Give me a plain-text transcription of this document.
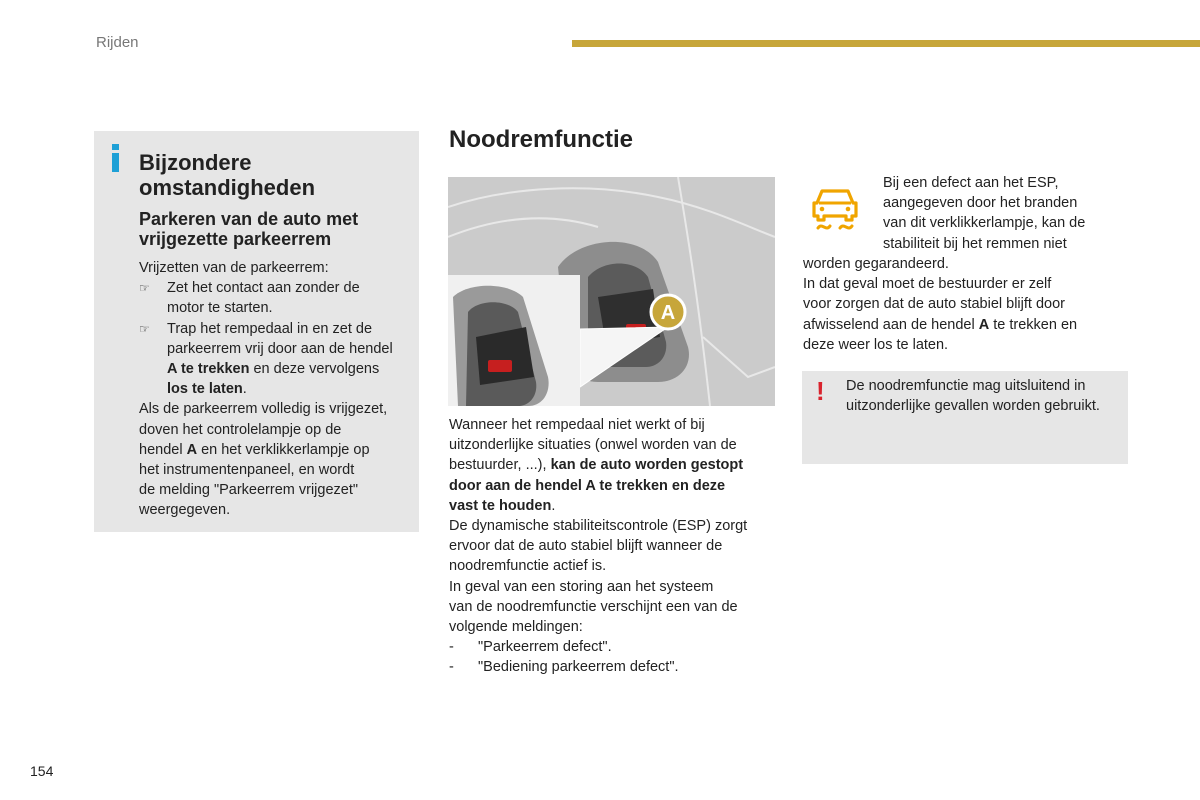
Rijden
Bijzondere
omstandigheden
Parkeren van de auto met
vrijgezette parkeerrem
Vrijzetten van de parkeerrem:
☞ Zet het contact aan zonder de
motor te starten.
☞ Trap het rempedaal in en zet de
parkeerrem vrij door aan de hendel
A te trekken en deze vervolgens
los te laten.
Als de parkeerrem volledig is vrijgezet,
doven het controlelampje op de
hendel A en het verklikkerlampje op
het instrumentenpaneel, en wordt
de melding "Parkeerrem vrijgezet"
weergegeven.
Noodremfunctie
A
Wanneer het rempedaal niet werkt of bij
uitzonderlijke situaties (onwel worden van de
bestuurder, ...), kan de auto worden gestopt
door aan de hendel A te trekken en deze
vast te houden.
De dynamische stabiliteitscontrole (ESP) zorgt
ervoor dat de auto stabiel blijft wanneer de
noodremfunctie actief is.
In geval van een storing aan het systeem
van de noodremfunctie verschijnt een van de
volgende meldingen:
- "Parkeerrem defect".
- "Bediening parkeerrem defect".
Bij een defect aan het ESP,
aangegeven door het branden
van dit verklikkerlampje, kan de
stabiliteit bij het remmen niet
worden gegarandeerd.
In dat geval moet de bestuurder er zelf
voor zorgen dat de auto stabiel blijft door
afwisselend aan de hendel A te trekken en
deze weer los te laten.
!	De noodremfunctie mag uitsluitend in
uitzonderlijke gevallen worden gebruikt.
154
